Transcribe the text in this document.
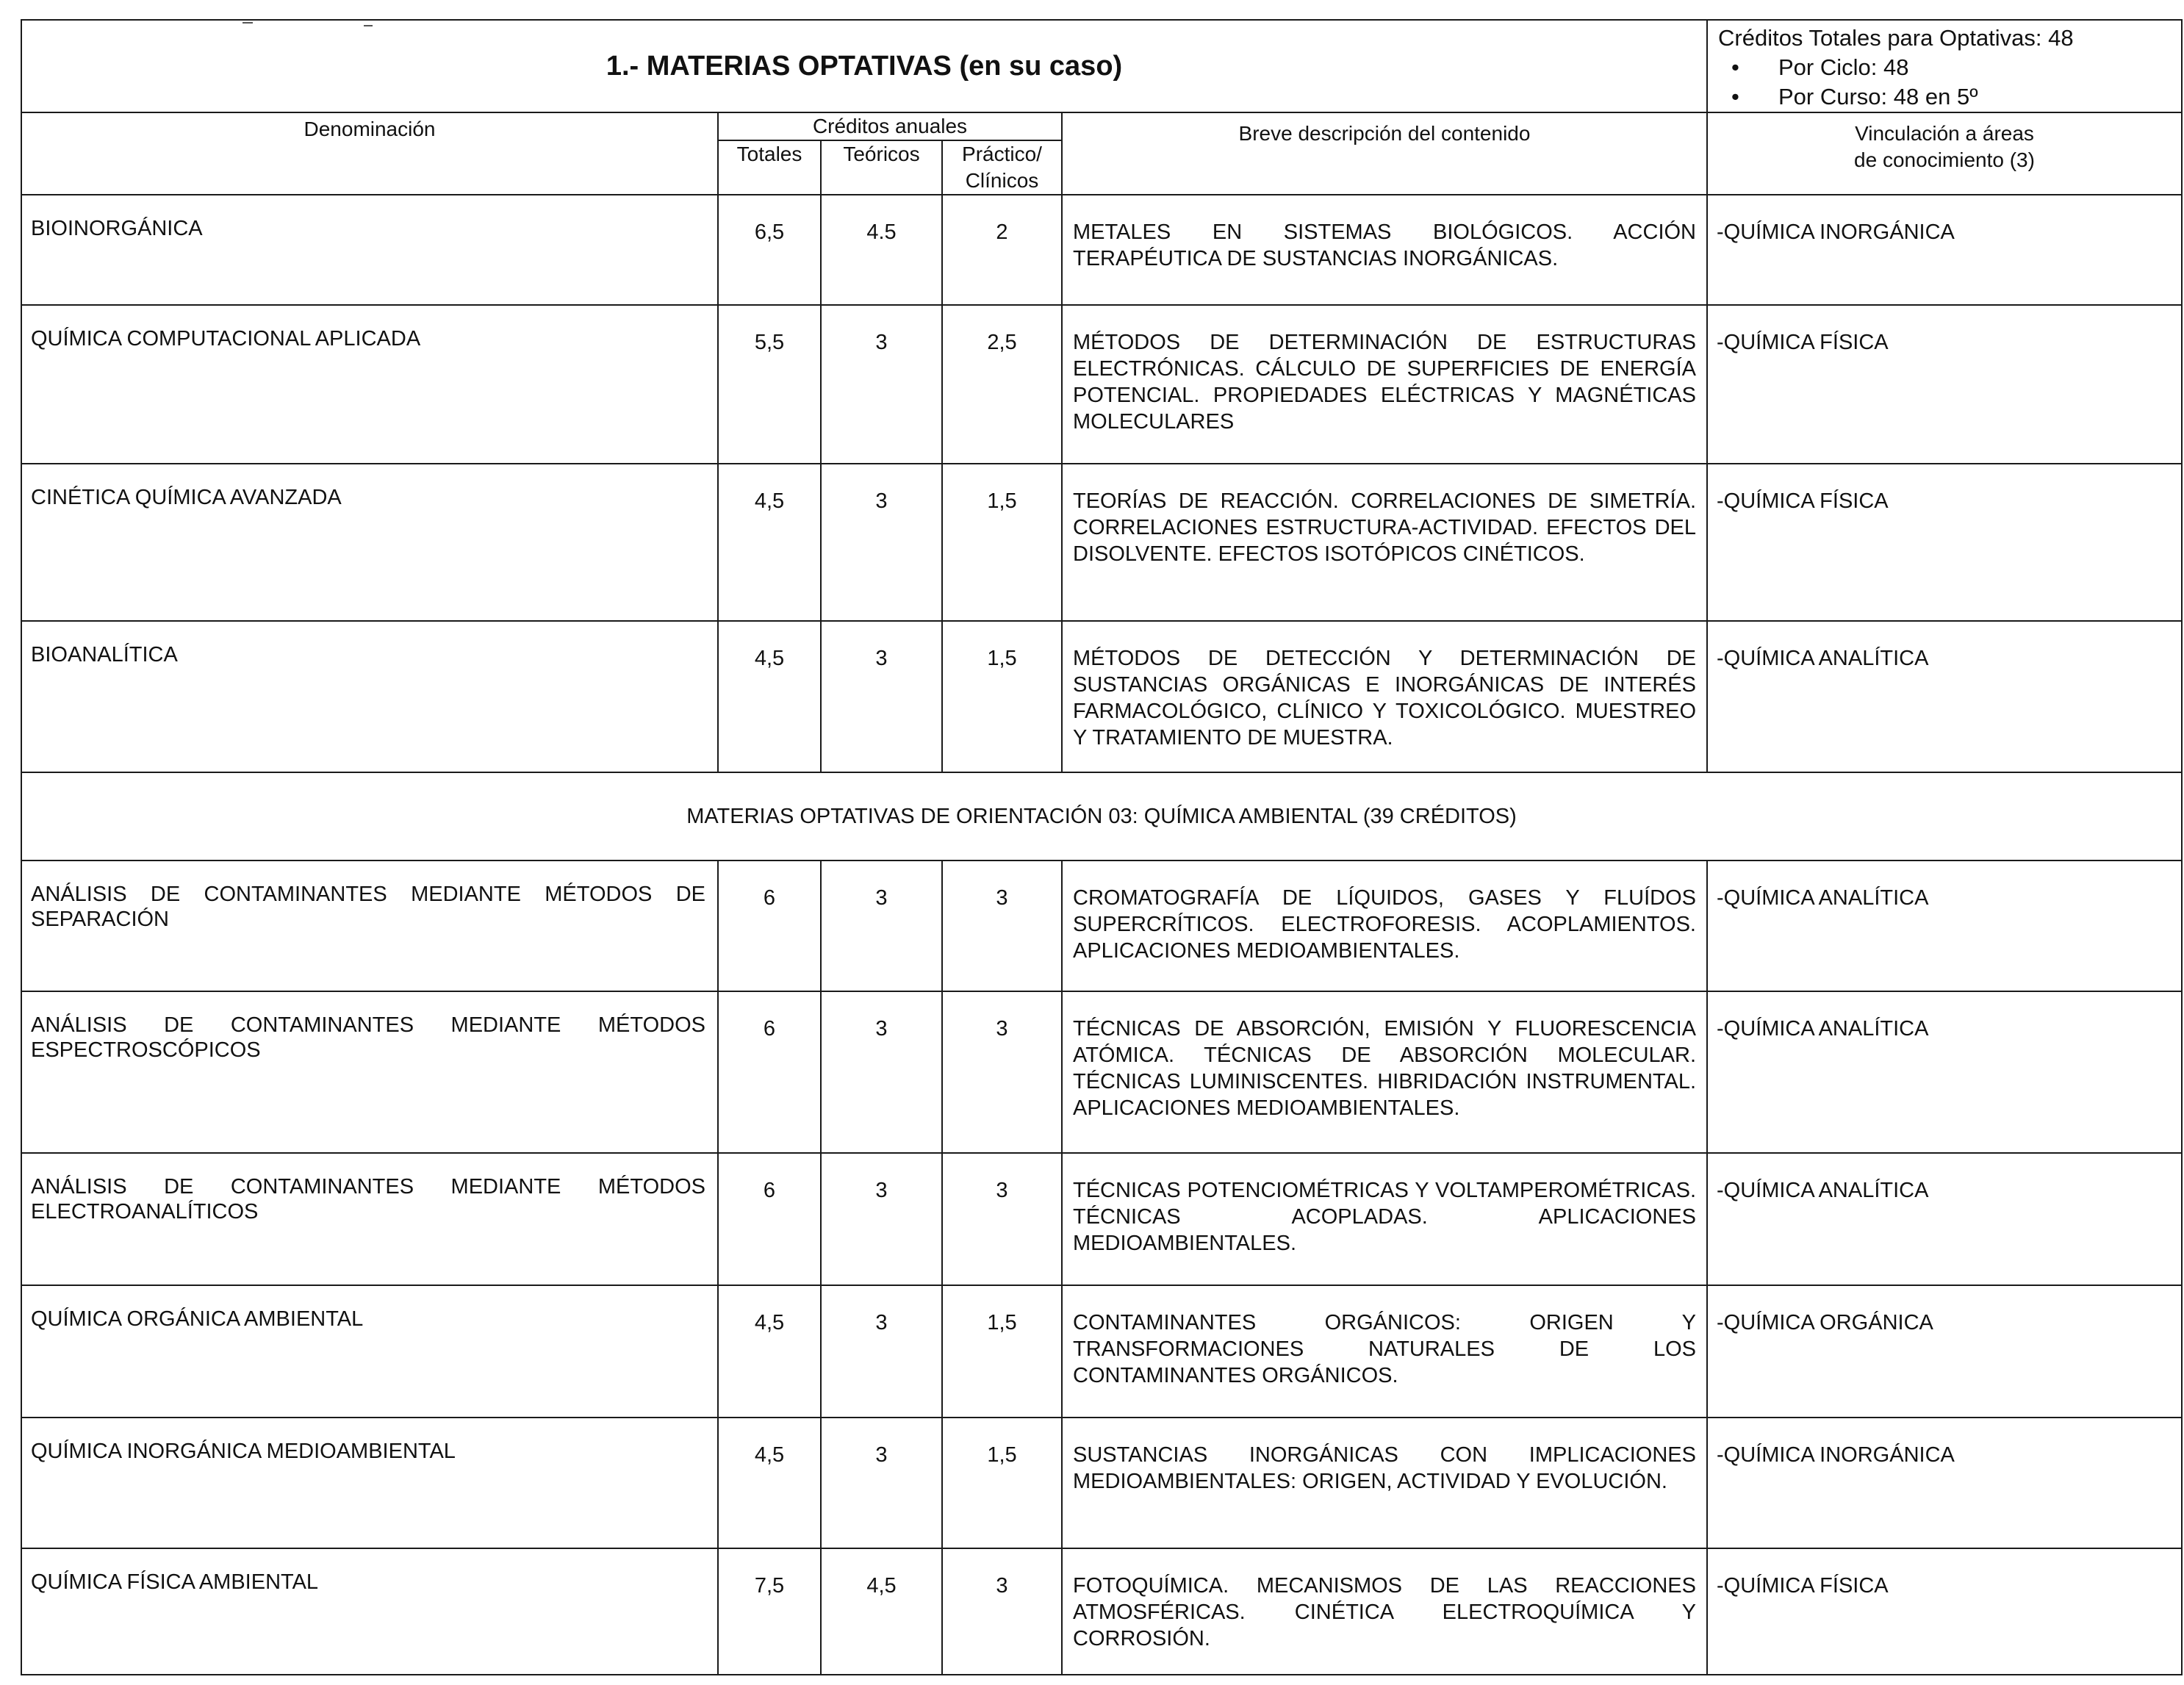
1.- MATERIAS OPTATIVAS (en su caso)					Créditos Totales para Optativas: 48
• Por Ciclo: 48
• Por Curso: 48 en 5º

Denominación	Créditos anuales			Breve descripción del contenido	Vinculación a áreas
de conocimiento (3)
	Totales	Teóricos	Práctico/
Clínicos		
BIOINORGÁNICA	6,5	4.5	2	METALES EN SISTEMAS BIOLÓGICOS. ACCIÓN TERAPÉUTICA DE SUSTANCIAS INORGÁNICAS.	-QUÍMICA INORGÁNICA
QUÍMICA COMPUTACIONAL APLICADA	5,5	3	2,5	MÉTODOS DE DETERMINACIÓN DE ESTRUCTURAS ELECTRÓNICAS. CÁLCULO DE SUPERFICIES DE ENERGÍA POTENCIAL. PROPIEDADES ELÉCTRICAS Y MAGNÉTICAS MOLECULARES	-QUÍMICA FÍSICA
CINÉTICA QUÍMICA AVANZADA	4,5	3	1,5	TEORÍAS DE REACCIÓN. CORRELACIONES DE SIMETRÍA. CORRELACIONES ESTRUCTURA-ACTIVIDAD. EFECTOS DEL DISOLVENTE. EFECTOS ISOTÓPICOS CINÉTICOS.	-QUÍMICA FÍSICA
BIOANALÍTICA	4,5	3	1,5	MÉTODOS DE DETECCIÓN Y DETERMINACIÓN DE SUSTANCIAS ORGÁNICAS E INORGÁNICAS DE INTERÉS FARMACOLÓGICO, CLÍNICO Y TOXICOLÓGICO. MUESTREO Y TRATAMIENTO DE MUESTRA.	-QUÍMICA ANALÍTICA
MATERIAS OPTATIVAS DE ORIENTACIÓN 03: QUÍMICA AMBIENTAL (39 CRÉDITOS)					
ANÁLISIS DE CONTAMINANTES MEDIANTE MÉTODOS DE SEPARACIÓN	6	3	3	CROMATOGRAFÍA DE LÍQUIDOS, GASES Y FLUÍDOS SUPERCRÍTICOS. ELECTROFORESIS. ACOPLAMIENTOS. APLICACIONES MEDIOAMBIENTALES.	-QUÍMICA ANALÍTICA
ANÁLISIS DE CONTAMINANTES MEDIANTE MÉTODOS ESPECTROSCÓPICOS	6	3	3	TÉCNICAS DE ABSORCIÓN, EMISIÓN Y FLUORESCENCIA ATÓMICA. TÉCNICAS DE ABSORCIÓN MOLECULAR. TÉCNICAS LUMINISCENTES. HIBRIDACIÓN INSTRUMENTAL. APLICACIONES MEDIOAMBIENTALES.	-QUÍMICA ANALÍTICA
ANÁLISIS DE CONTAMINANTES MEDIANTE MÉTODOS ELECTROANALÍTICOS	6	3	3	TÉCNICAS POTENCIOMÉTRICAS Y VOLTAMPEROMÉTRICAS. TÉCNICAS ACOPLADAS. APLICACIONES MEDIOAMBIENTALES.	-QUÍMICA ANALÍTICA
QUÍMICA ORGÁNICA AMBIENTAL	4,5	3	1,5	CONTAMINANTES ORGÁNICOS: ORIGEN Y TRANSFORMACIONES NATURALES DE LOS CONTAMINANTES ORGÁNICOS.	-QUÍMICA ORGÁNICA
QUÍMICA INORGÁNICA MEDIOAMBIENTAL	4,5	3	1,5	SUSTANCIAS INORGÁNICAS CON IMPLICACIONES MEDIOAMBIENTALES: ORIGEN, ACTIVIDAD Y EVOLUCIÓN.	-QUÍMICA INORGÁNICA
QUÍMICA FÍSICA AMBIENTAL	7,5	4,5	3	FOTOQUÍMICA. MECANISMOS DE LAS REACCIONES ATMOSFÉRICAS. CINÉTICA ELECTROQUÍMICA Y CORROSIÓN.	-QUÍMICA FÍSICA
